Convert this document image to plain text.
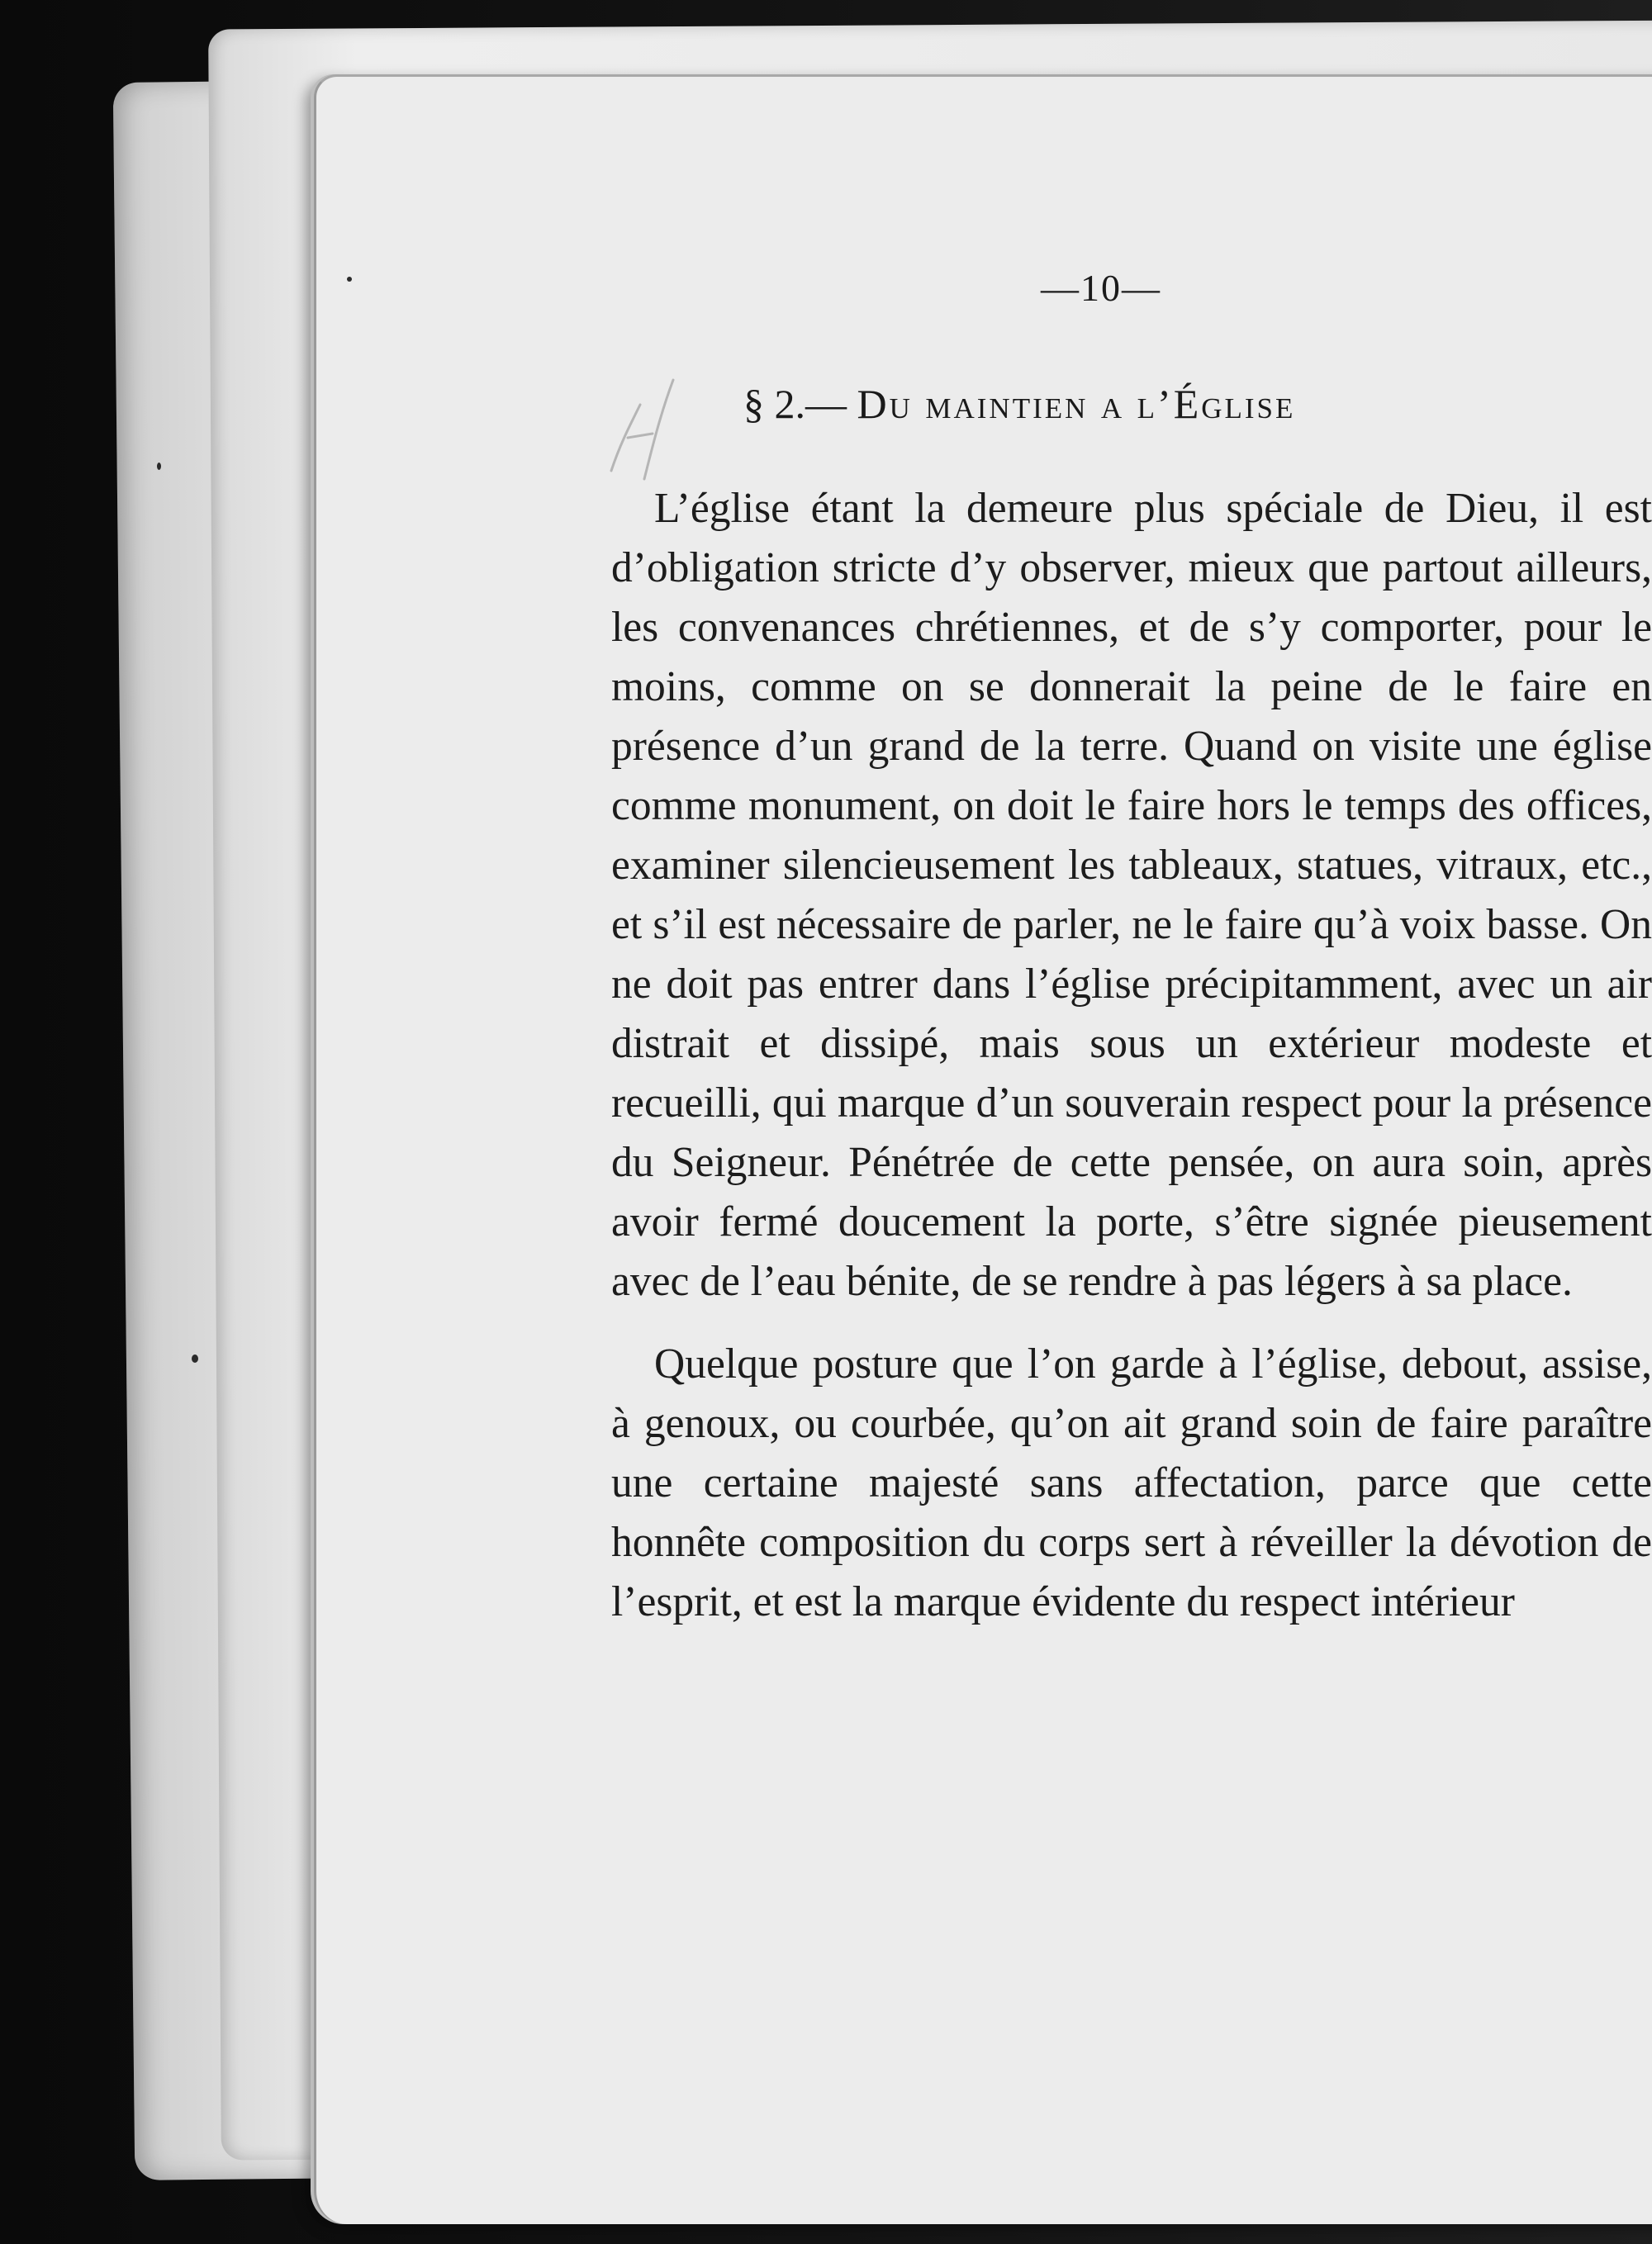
—10—
§ 2.— Du maintien a l’Église

L’église étant la demeure plus spéciale de Dieu, il est d’obligation stricte d’y observer, mieux que partout ailleurs, les convenances chrétiennes, et de s’y comporter, pour le moins, comme on se donnerait la peine de le faire en présence d’un grand de la terre. Quand on visite une église comme monument, on doit le faire hors le temps des offices, examiner silencieusement les tableaux, statues, vitraux, etc., et s’il est nécessaire de parler, ne le faire qu’à voix basse. On ne doit pas entrer dans l’église précipitamment, avec un air distrait et dissipé, mais sous un extérieur modeste et recueilli, qui marque d’un souverain respect pour la présence du Seigneur. Pénétrée de cette pensée, on aura soin, après avoir fermé doucement la porte, s’être signée pieusement avec de l’eau bénite, de se rendre à pas légers à sa place.

Quelque posture que l’on garde à l’église, debout, assise, à genoux, ou courbée, qu’on ait grand soin de faire paraître une certaine majesté sans affectation, parce que cette honnête composition du corps sert à réveiller la dévotion de l’esprit, et est la marque évidente du respect intérieur
